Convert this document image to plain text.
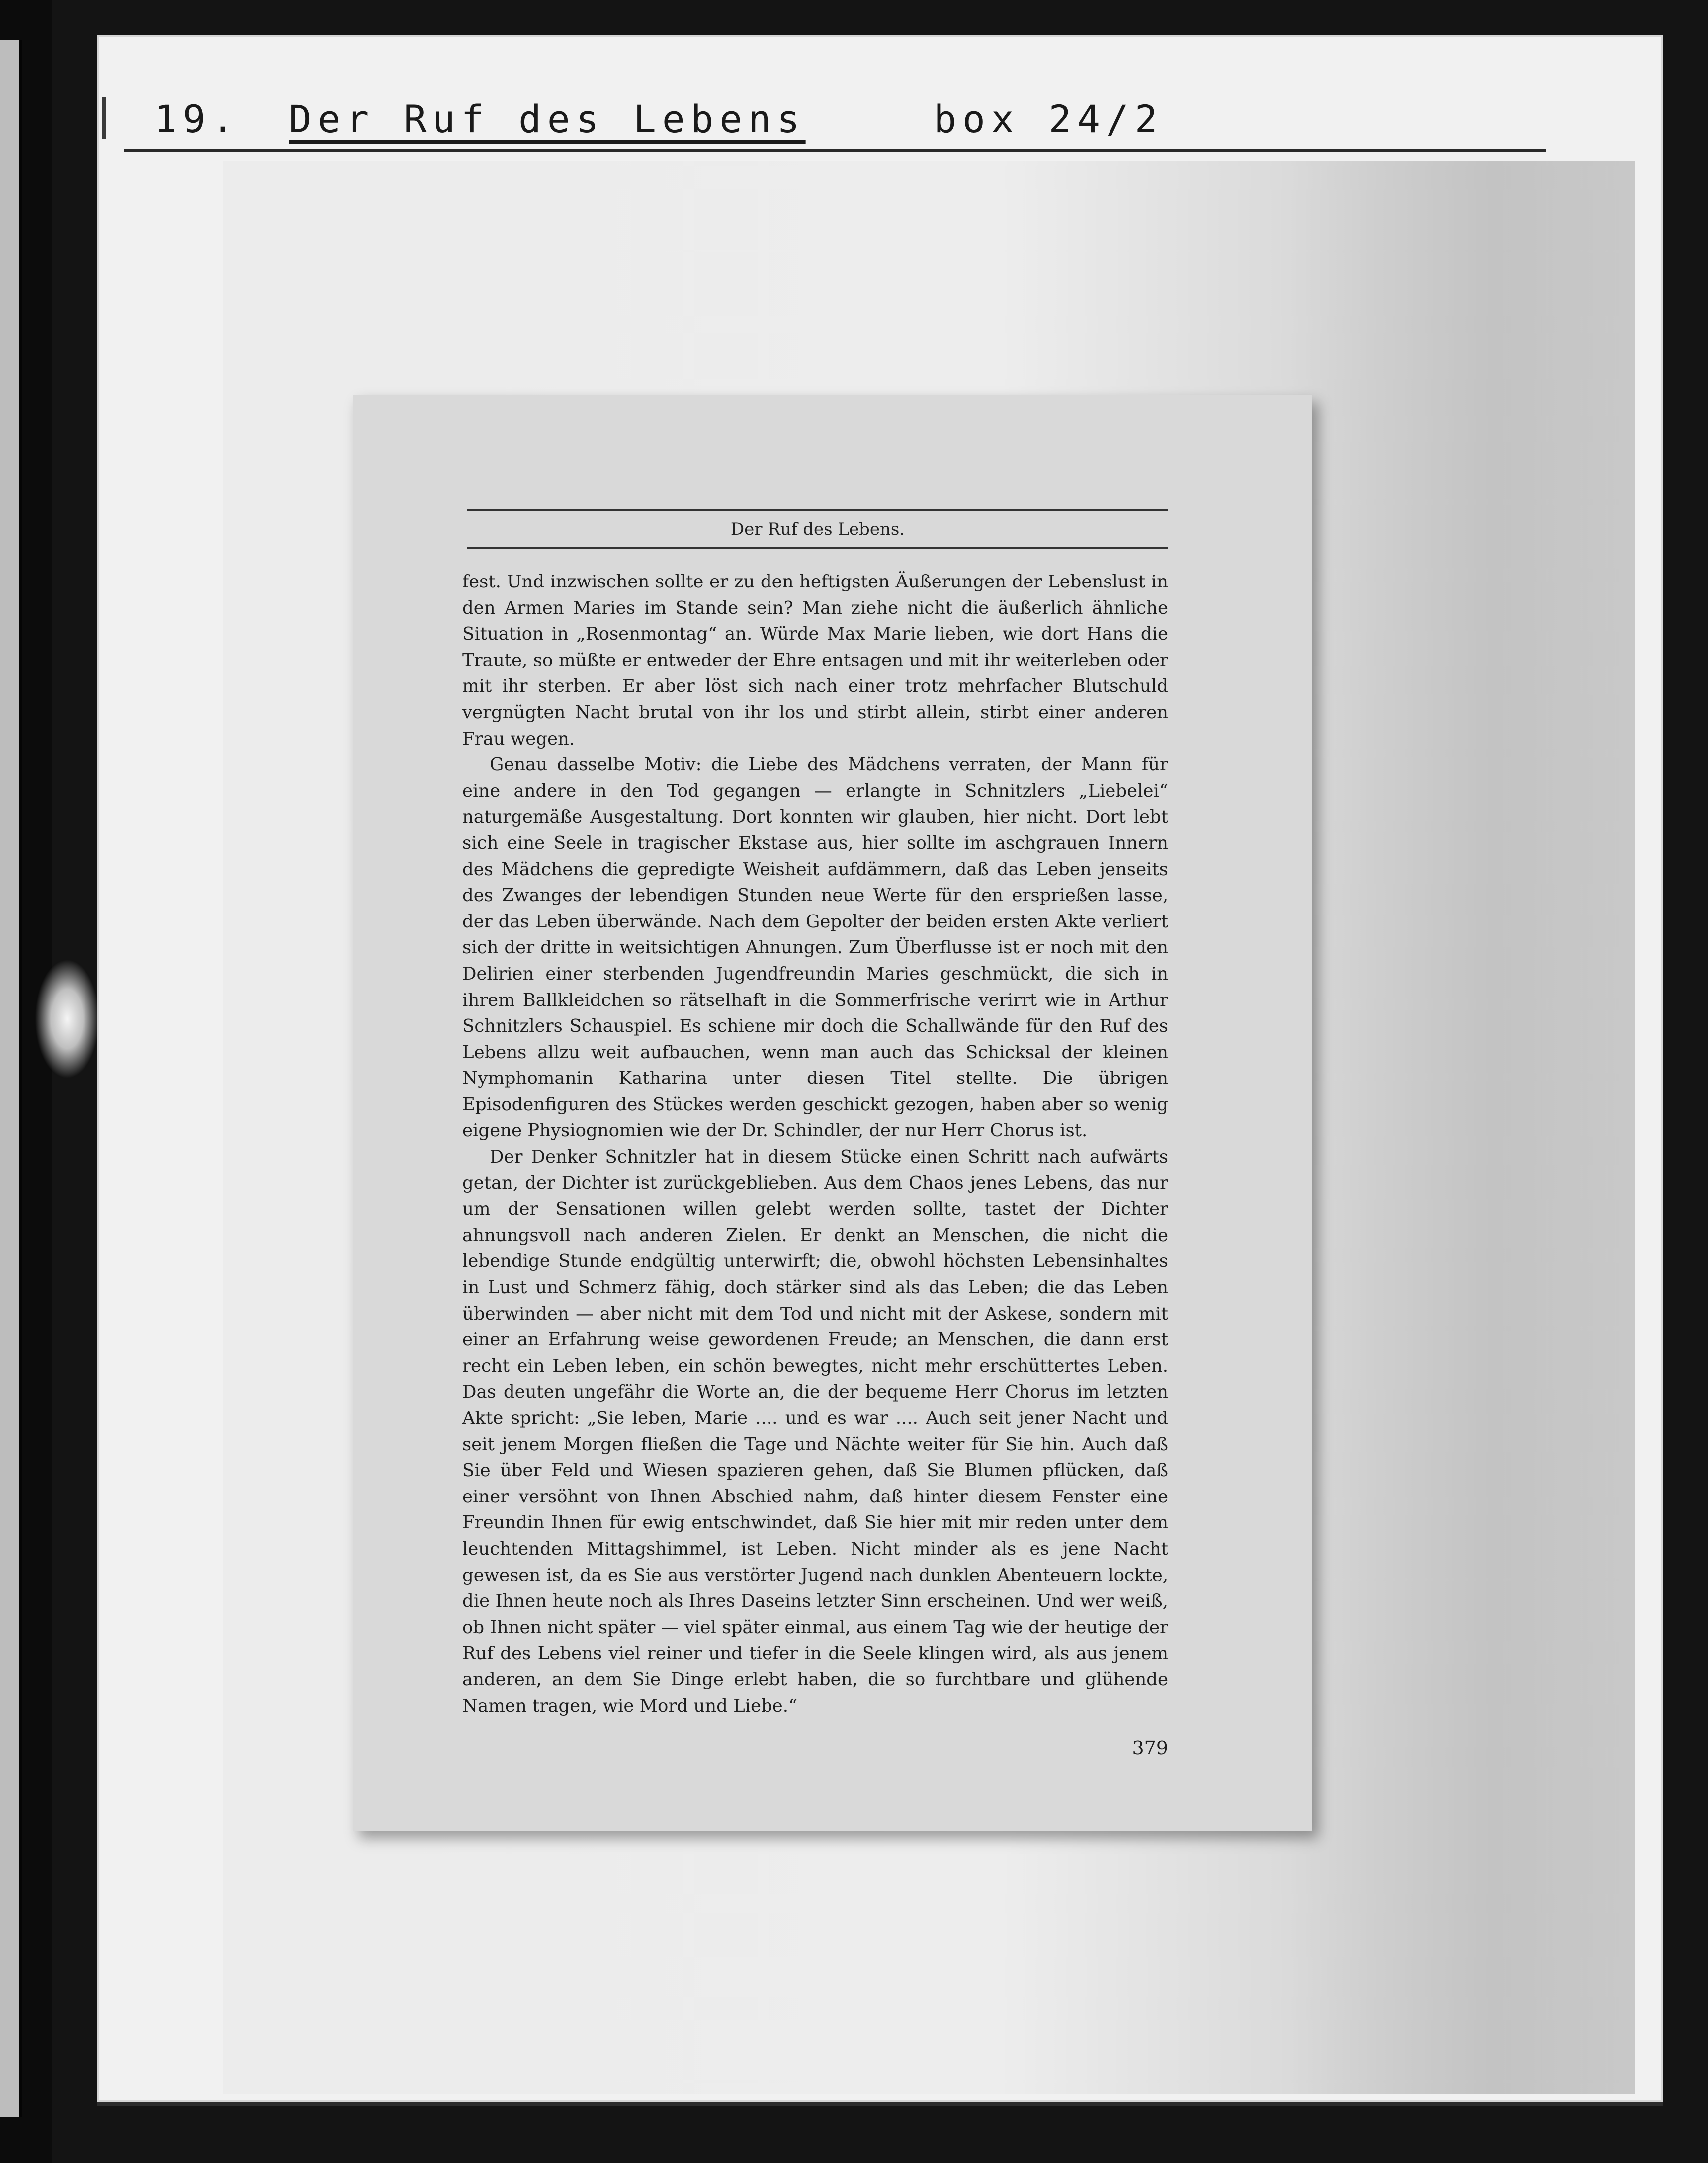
19. Der Ruf des Lebens	box 24/2
Der Ruf des Lebens.

fest. Und inzwischen sollte er zu den heftigsten Äußerungen der Lebenslust in den Armen Maries im Stande sein? Man ziehe nicht die äußerlich ähnliche Situation in „Rosenmontag“ an. Würde Max Marie lieben, wie dort Hans die Traute, so müßte er entweder der Ehre entsagen und mit ihr weiterleben oder mit ihr sterben. Er aber löst sich nach einer trotz mehrfacher Blutschuld vergnügten Nacht brutal von ihr los und stirbt allein, stirbt einer anderen Frau wegen.

Genau dasselbe Motiv: die Liebe des Mädchens verraten, der Mann für eine andere in den Tod gegangen — erlangte in Schnitzlers „Liebelei“ naturgemäße Ausgestaltung. Dort konnten wir glauben, hier nicht. Dort lebt sich eine Seele in tragischer Ekstase aus, hier sollte im aschgrauen Innern des Mädchens die gepredigte Weisheit aufdämmern, daß das Leben jenseits des Zwanges der lebendigen Stunden neue Werte für den ersprießen lasse, der das Leben überwände. Nach dem Gepolter der beiden ersten Akte verliert sich der dritte in weitsichtigen Ahnungen. Zum Überflusse ist er noch mit den Delirien einer sterbenden Jugendfreundin Maries geschmückt, die sich in ihrem Ballkleidchen so rätselhaft in die Sommerfrische verirrt wie in Arthur Schnitzlers Schauspiel. Es schiene mir doch die Schallwände für den Ruf des Lebens allzu weit aufbauchen, wenn man auch das Schicksal der kleinen Nymphomanin Katharina unter diesen Titel stellte. Die übrigen Episodenfiguren des Stückes werden geschickt gezogen, haben aber so wenig eigene Physiognomien wie der Dr. Schindler, der nur Herr Chorus ist.

Der Denker Schnitzler hat in diesem Stücke einen Schritt nach aufwärts getan, der Dichter ist zurückgeblieben. Aus dem Chaos jenes Lebens, das nur um der Sensationen willen gelebt werden sollte, tastet der Dichter ahnungsvoll nach anderen Zielen. Er denkt an Menschen, die nicht die lebendige Stunde endgültig unterwirft; die, obwohl höchsten Lebensinhaltes in Lust und Schmerz fähig, doch stärker sind als das Leben; die das Leben überwinden — aber nicht mit dem Tod und nicht mit der Askese, sondern mit einer an Erfahrung weise gewordenen Freude; an Menschen, die dann erst recht ein Leben leben, ein schön bewegtes, nicht mehr erschüttertes Leben. Das deuten ungefähr die Worte an, die der bequeme Herr Chorus im letzten Akte spricht: „Sie leben, Marie .... und es war .... Auch seit jener Nacht und seit jenem Morgen fließen die Tage und Nächte weiter für Sie hin. Auch daß Sie über Feld und Wiesen spazieren gehen, daß Sie Blumen pflücken, daß einer versöhnt von Ihnen Abschied nahm, daß hinter diesem Fenster eine Freundin Ihnen für ewig entschwindet, daß Sie hier mit mir reden unter dem leuchtenden Mittagshimmel, ist Leben. Nicht minder als es jene Nacht gewesen ist, da es Sie aus verstörter Jugend nach dunklen Abenteuern lockte, die Ihnen heute noch als Ihres Daseins letzter Sinn erscheinen. Und wer weiß, ob Ihnen nicht später — viel später einmal, aus einem Tag wie der heutige der Ruf des Lebens viel reiner und tiefer in die Seele klingen wird, als aus jenem anderen, an dem Sie Dinge erlebt haben, die so furchtbare und glühende Namen tragen, wie Mord und Liebe.“

379
